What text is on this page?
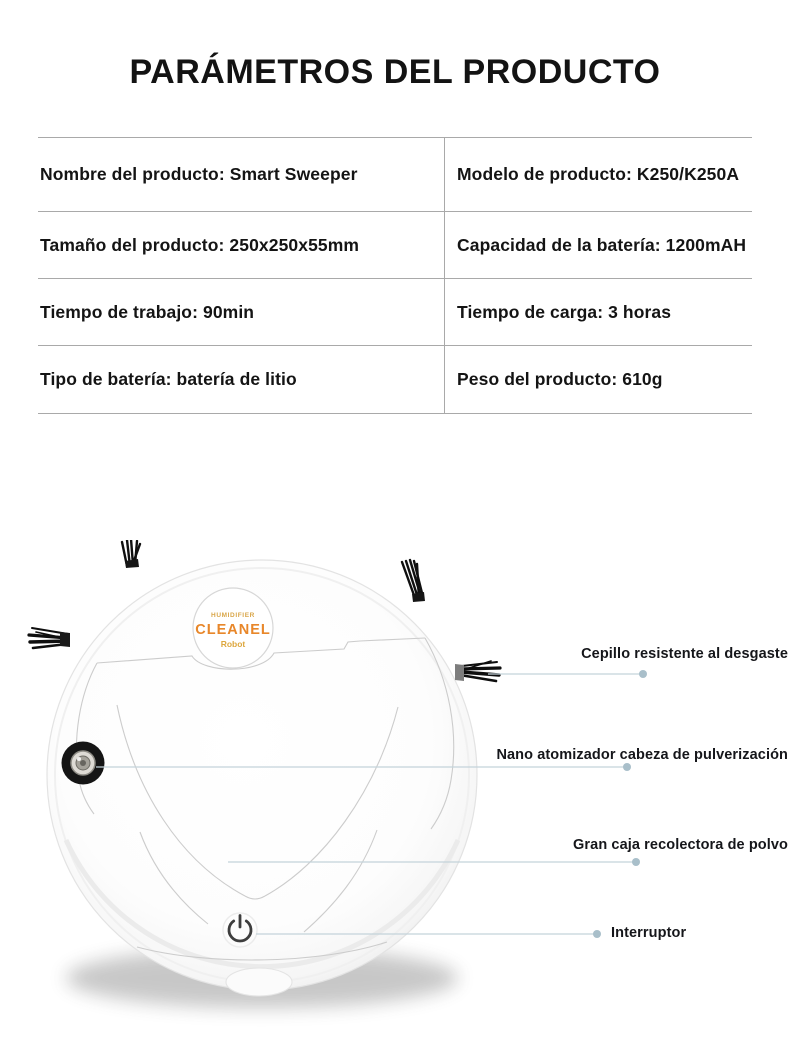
PARÁMETROS DEL PRODUCTO
Nombre del producto: Smart Sweeper	Modelo de producto: K250/K250A
Tamaño del producto: 250x250x55mm	Capacidad de la batería: 1200mAH
Tiempo de trabajo: 90min	Tiempo de carga: 3 horas
Tipo de batería: batería de litio	Peso del producto: 610g
HUMIDIFIER
CLEANEL
Robot
Cepillo resistente al desgaste
Nano atomizador cabeza de pulverización
Gran caja recolectora de polvo
Interruptor
